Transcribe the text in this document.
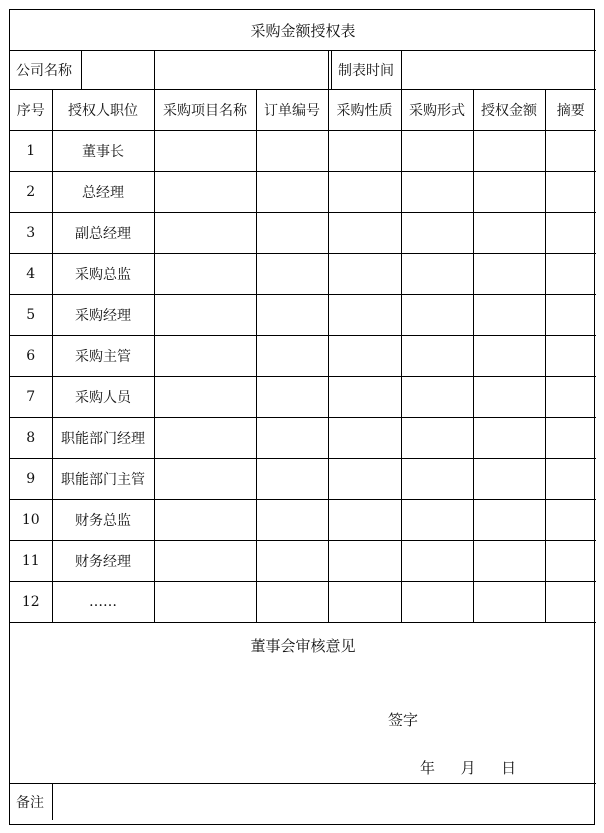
采购金额授权表							

公司名称				制表时间			

序号	授权人职位	采购项目名称	订单编号	采购性质	采购形式	授权金额	摘要
1	董事长						
2	总经理						
3	副总经理						
4	采购总监						
5	采购经理						
6	采购主管						
7	采购人员						
8	职能部门经理						
9	职能部门主管						
10	财务总监						
11	财务经理						
12	……						

董事会审核意见
签字
年 月 日							

备注							
